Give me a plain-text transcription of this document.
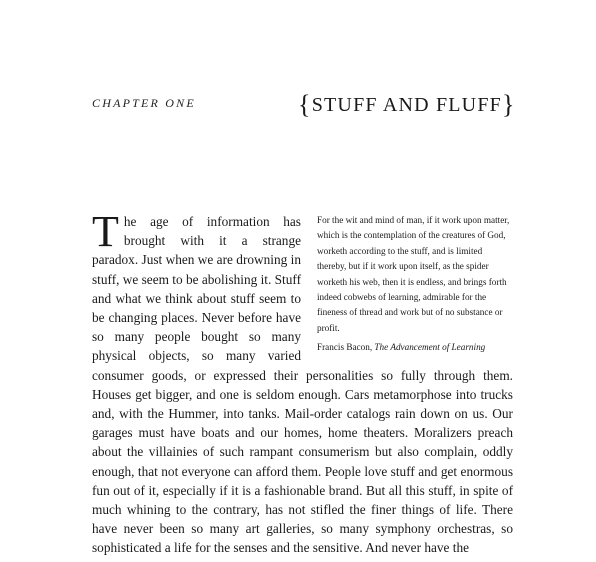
CHAPTER ONE	{STUFF AND FLUFF}

For the wit and mind of man, if it work upon matter, which is the contemplation of the creatures of God, worketh according to the stuff, and is limited thereby, but if it work upon itself, as the spider worketh his web, then it is endless, and brings forth indeed cobwebs of learning, admirable for the fineness of thread and work but of no substance or profit.

Francis Bacon, The Advancement of Learning
T he age of information has brought with it a strange paradox. Just when we are drowning in stuff, we seem to be abolishing it. Stuff and what we think about stuff seem to be changing places. Never before have so many people bought so many physical objects, so many varied consumer goods, or expressed their personalities so fully through them. Houses get bigger, and one is seldom enough. Cars metamorphose into trucks and, with the Hummer, into tanks. Mail-order catalogs rain down on us. Our garages must have boats and our homes, home theaters. Moralizers preach about the villainies of such rampant consumerism but also complain, oddly enough, that not everyone can afford them. People love stuff and get enormous fun out of it, especially if it is a fashionable brand. But all this stuff, in spite of much whining to the contrary, has not stifled the finer things of life. There have never been so many art galleries, so many symphony orchestras, so sophisticated a life for the senses and the sensitive. And never have the
